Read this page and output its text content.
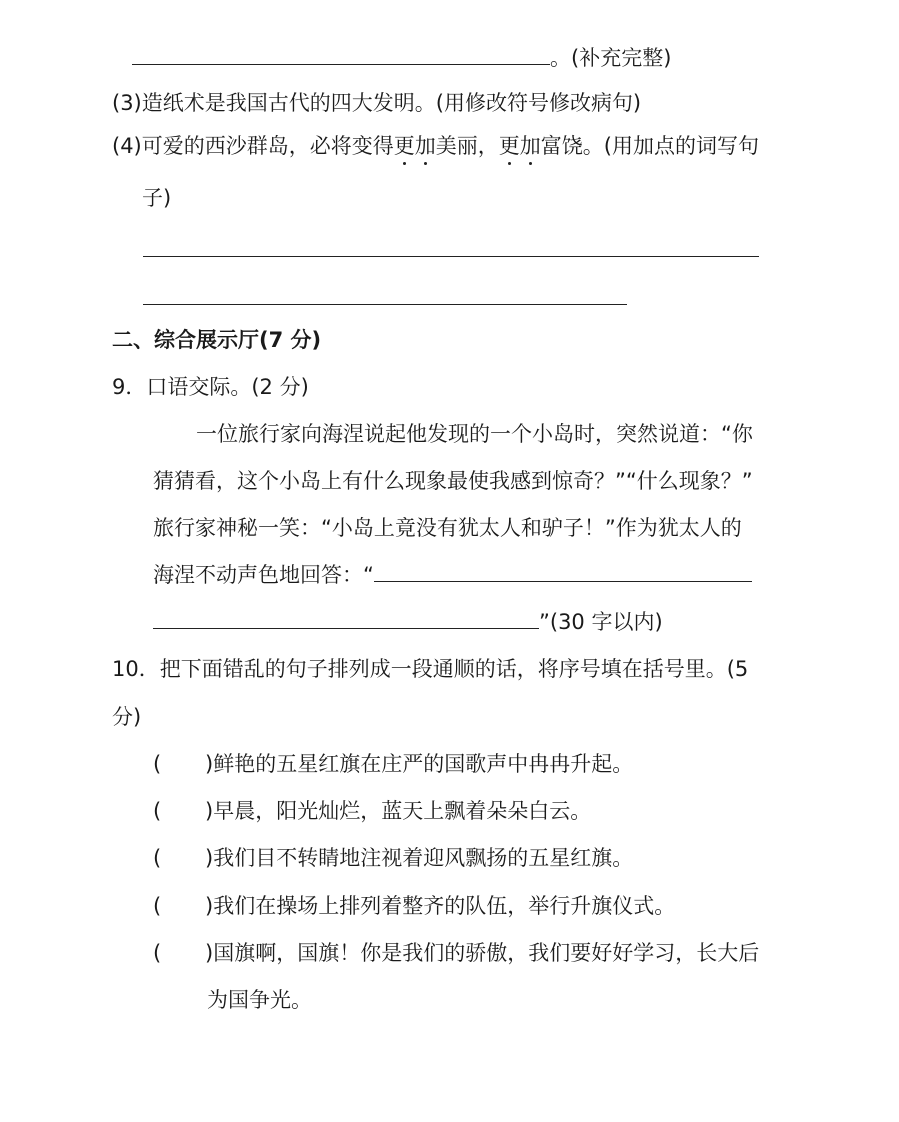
。(补充完整)
(3)造纸术是我国古代的四大发明。(用修改符号修改病句)
(4)可爱的西沙群岛，必将变得更加美丽，更加富饶。(用加点的词写句
子)
二、综合展示厅(7 分)
9．口语交际。(2 分)
一位旅行家向海涅说起他发现的一个小岛时，突然说道：“你
猜猜看，这个小岛上有什么现象最使我感到惊奇？”“什么现象？”
旅行家神秘一笑：“小岛上竟没有犹太人和驴子！”作为犹太人的
海涅不动声色地回答：“
”(30 字以内)
10．把下面错乱的句子排列成一段通顺的话，将序号填在括号里。(5
分)
( )鲜艳的五星红旗在庄严的国歌声中冉冉升起。
( )早晨，阳光灿烂，蓝天上飘着朵朵白云。
( )我们目不转睛地注视着迎风飘扬的五星红旗。
( )我们在操场上排列着整齐的队伍，举行升旗仪式。
( )国旗啊，国旗！你是我们的骄傲，我们要好好学习，长大后
为国争光。
